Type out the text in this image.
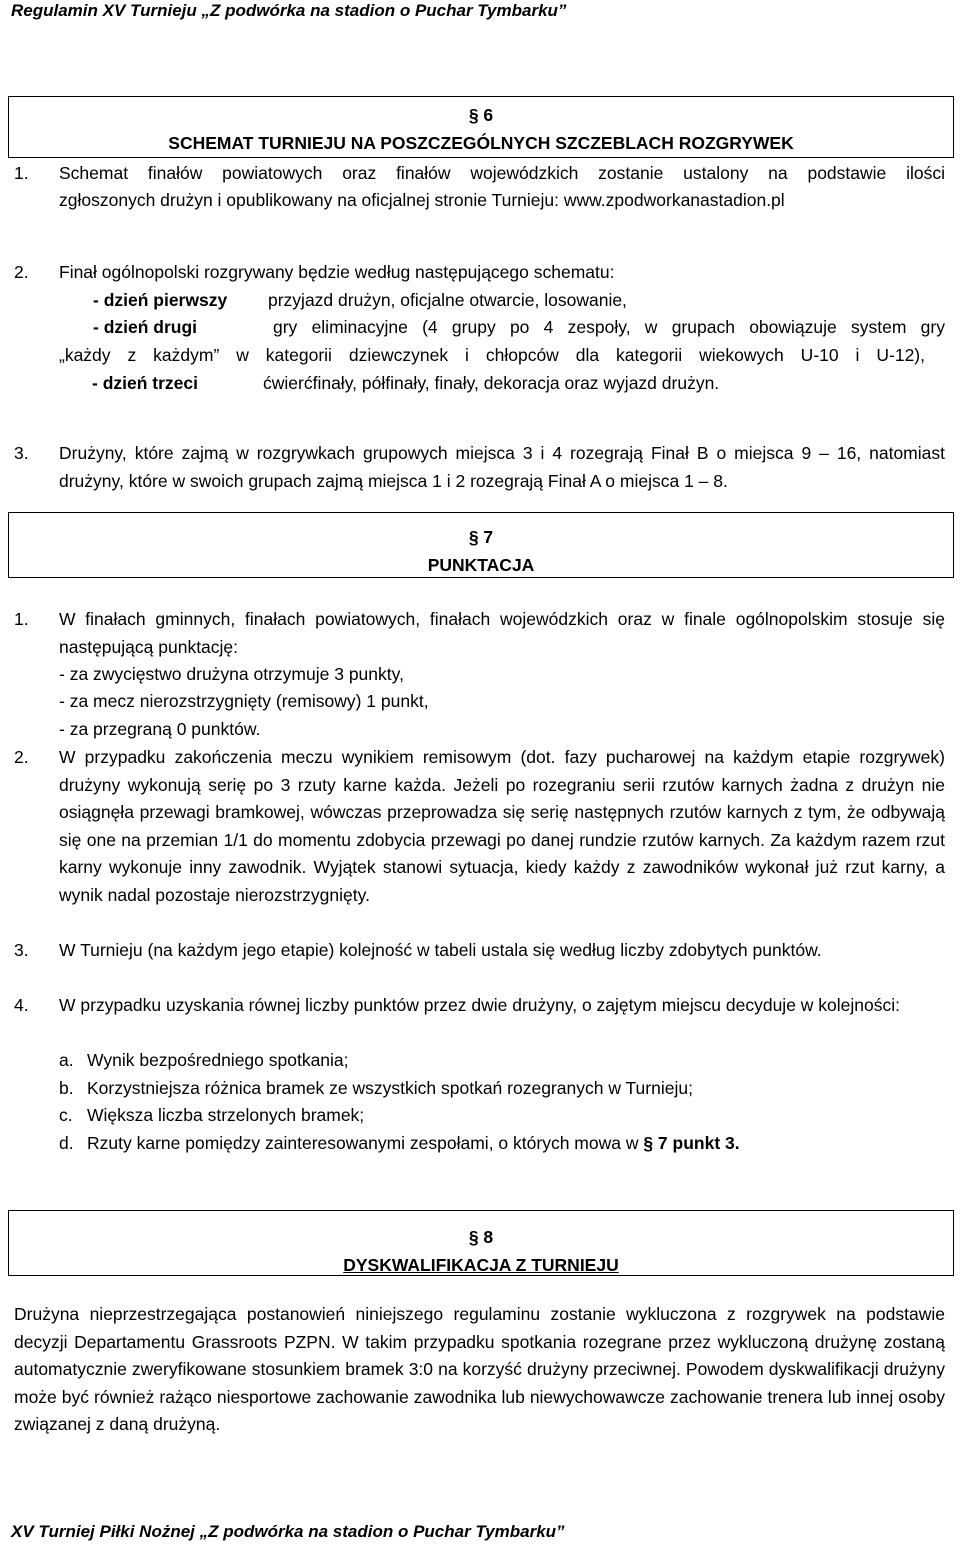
Regulamin XV Turnieju „Z podwórka na stadion o Puchar Tymbarku”
§ 6
SCHEMAT TURNIEJU NA POSZCZEGÓLNYCH SZCZEBLACH ROZGRYWEK
1. Schemat finałów powiatowych oraz finałów wojewódzkich zostanie ustalony na podstawie ilości
zgłoszonych drużyn i opublikowany na oficjalnej stronie Turnieju: www.zpodworkanastadion.pl
2. Finał ogólnopolski rozgrywany będzie według następującego schematu:
- dzień pierwszy przyjazd drużyn, oficjalne otwarcie, losowanie,
- dzień drugi	gry eliminacyjne (4 grupy po 4 zespoły, w grupach obowiązuje system gry
„każdy z każdym” w kategorii dziewczynek i chłopców dla kategorii wiekowych U-10 i U-12),
- dzień trzeci	ćwierćfinały, półfinały, finały, dekoracja oraz wyjazd drużyn.
3. Drużyny, które zajmą w rozgrywkach grupowych miejsca 3 i 4 rozegrają Finał B o miejsca 9 – 16, natomiast drużyny, które w swoich grupach zajmą miejsca 1 i 2 rozegrają Finał A o miejsca 1 – 8.
§ 7
PUNKTACJA
1. W finałach gminnych, finałach powiatowych, finałach wojewódzkich oraz w finale ogólnopolskim stosuje się następującą punktację:
- za zwycięstwo drużyna otrzymuje 3 punkty,
- za mecz nierozstrzygnięty (remisowy) 1 punkt,
- za przegraną 0 punktów.
2. W przypadku zakończenia meczu wynikiem remisowym (dot. fazy pucharowej na każdym etapie rozgrywek) drużyny wykonują serię po 3 rzuty karne każda. Jeżeli po rozegraniu serii rzutów karnych żadna z drużyn nie osiągnęła przewagi bramkowej, wówczas przeprowadza się serię następnych rzutów karnych z tym, że odbywają się one na przemian 1/1 do momentu zdobycia przewagi po danej rundzie rzutów karnych. Za każdym razem rzut karny wykonuje inny zawodnik. Wyjątek stanowi sytuacja, kiedy każdy z zawodników wykonał już rzut karny, a wynik nadal pozostaje nierozstrzygnięty.
3. W Turnieju (na każdym jego etapie) kolejność w tabeli ustala się według liczby zdobytych punktów.
4. W przypadku uzyskania równej liczby punktów przez dwie drużyny, o zajętym miejscu decyduje w kolejności:
a. Wynik bezpośredniego spotkania;
b. Korzystniejsza różnica bramek ze wszystkich spotkań rozegranych w Turnieju;
c. Większa liczba strzelonych bramek;
d. Rzuty karne pomiędzy zainteresowanymi zespołami, o których mowa w § 7 punkt 3.
§ 8
DYSKWALIFIKACJA Z TURNIEJU
Drużyna nieprzestrzegająca postanowień niniejszego regulaminu zostanie wykluczona z rozgrywek na podstawie decyzji Departamentu Grassroots PZPN. W takim przypadku spotkania rozegrane przez wykluczoną drużynę zostaną automatycznie zweryfikowane stosunkiem bramek 3:0 na korzyść drużyny przeciwnej. Powodem dyskwalifikacji drużyny może być również rażąco niesportowe zachowanie zawodnika lub niewychowawcze zachowanie trenera lub innej osoby związanej z daną drużyną.
XV Turniej Piłki Nożnej „Z podwórka na stadion o Puchar Tymbarku”
